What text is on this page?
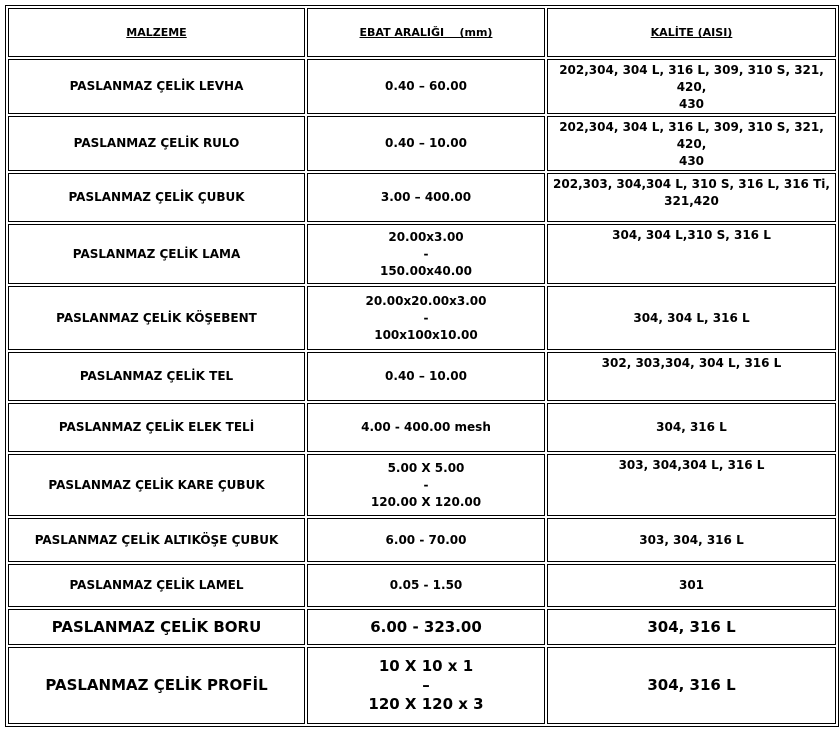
MALZEME	EBAT ARALIĞI    (mm)	KALİTE (AISI)
PASLANMAZ ÇELİK LEVHA	0.40 – 60.00	202,304, 304 L, 316 L, 309, 310 S, 321, 420,
430

PASLANMAZ ÇELİK RULO	0.40 – 10.00	202,304, 304 L, 316 L, 309, 310 S, 321, 420,
430

PASLANMAZ ÇELİK ÇUBUK	3.00 – 400.00	202,303, 304,304 L, 310 S, 316 L, 316 Ti,
321,420

PASLANMAZ ÇELİK LAMA	20.00x3.00
-
150.00x40.00	304, 304 L,310 S, 316 L

PASLANMAZ ÇELİK KÖŞEBENT	20.00x20.00x3.00
-
100x100x10.00	304, 304 L, 316 L

PASLANMAZ ÇELİK TEL	0.40 – 10.00	302, 303,304, 304 L, 316 L

PASLANMAZ ÇELİK ELEK TELİ	4.00 - 400.00 mesh	304, 316 L

PASLANMAZ ÇELİK KARE ÇUBUK	5.00 X 5.00
-
120.00 X 120.00	303, 304,304 L, 316 L

PASLANMAZ ÇELİK ALTIKÖŞE ÇUBUK	6.00 - 70.00	303, 304, 316 L

PASLANMAZ ÇELİK LAMEL	0.05 - 1.50	301

PASLANMAZ ÇELİK BORU	6.00 - 323.00	304, 316 L

PASLANMAZ ÇELİK PROFİL	10 X 10 x 1
–
120 X 120 x 3	304, 316 L
